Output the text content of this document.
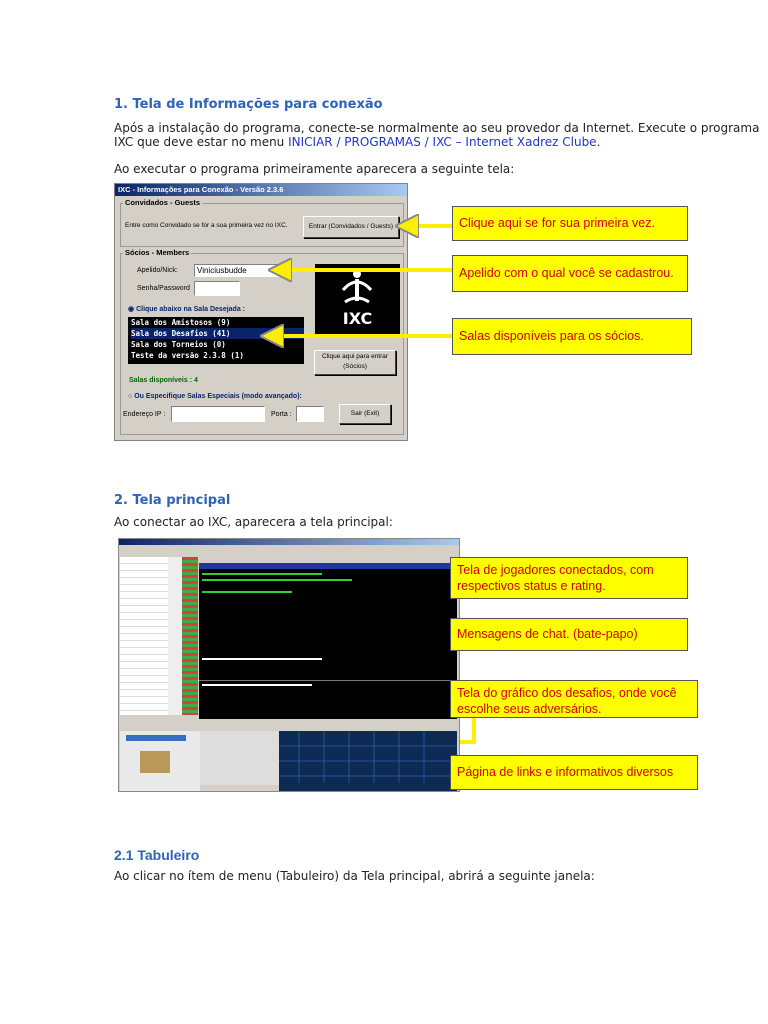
1. Tela de Informações para conexão
Após a instalação do programa, conecte-se normalmente ao seu provedor da Internet. Execute o programa
IXC que deve estar no menu INICIAR / PROGRAMAS / IXC – Internet Xadrez Clube.
Ao executar o programa primeiramente aparecera a seguinte tela:
IXC - Informações para Conexão - Versão 2.3.6
Convidados - Guests
Entre como Convidado se for a sua primeira vez no IXC.	Entrar (Convidados / Guests)
Sócios - Members
Apelido/Nick:	Viniciusbudde
Senha/Password
◉ Clique abaixo na Sala Desejada :
Sala dos Amistosos (9)
Sala dos Desafios (41)
Sala dos Torneios (0)
Teste da versão 2.3.8 (1)
IXC
Clique aqui para entrar
(Sócios)
Salas disponíveis : 4
○ Ou Especifique Salas Especiais (modo avançado):
Endereço IP :	Porta :	Sair (Exit)
Clique aqui se for sua primeira vez.
Apelido com o qual você se cadastrou.
Salas disponíveis para os sócios.
2. Tela principal
Ao conectar ao IXC, aparecera a tela principal:
Tela de jogadores conectados, com respectivos status e rating.
Mensagens de chat. (bate-papo)
Tela do gráfico dos desafios, onde você escolhe seus adversários.
Página de links e informativos diversos
2.1 Tabuleiro
Ao clicar no ítem de menu (Tabuleiro) da Tela principal, abrirá a seguinte janela:
